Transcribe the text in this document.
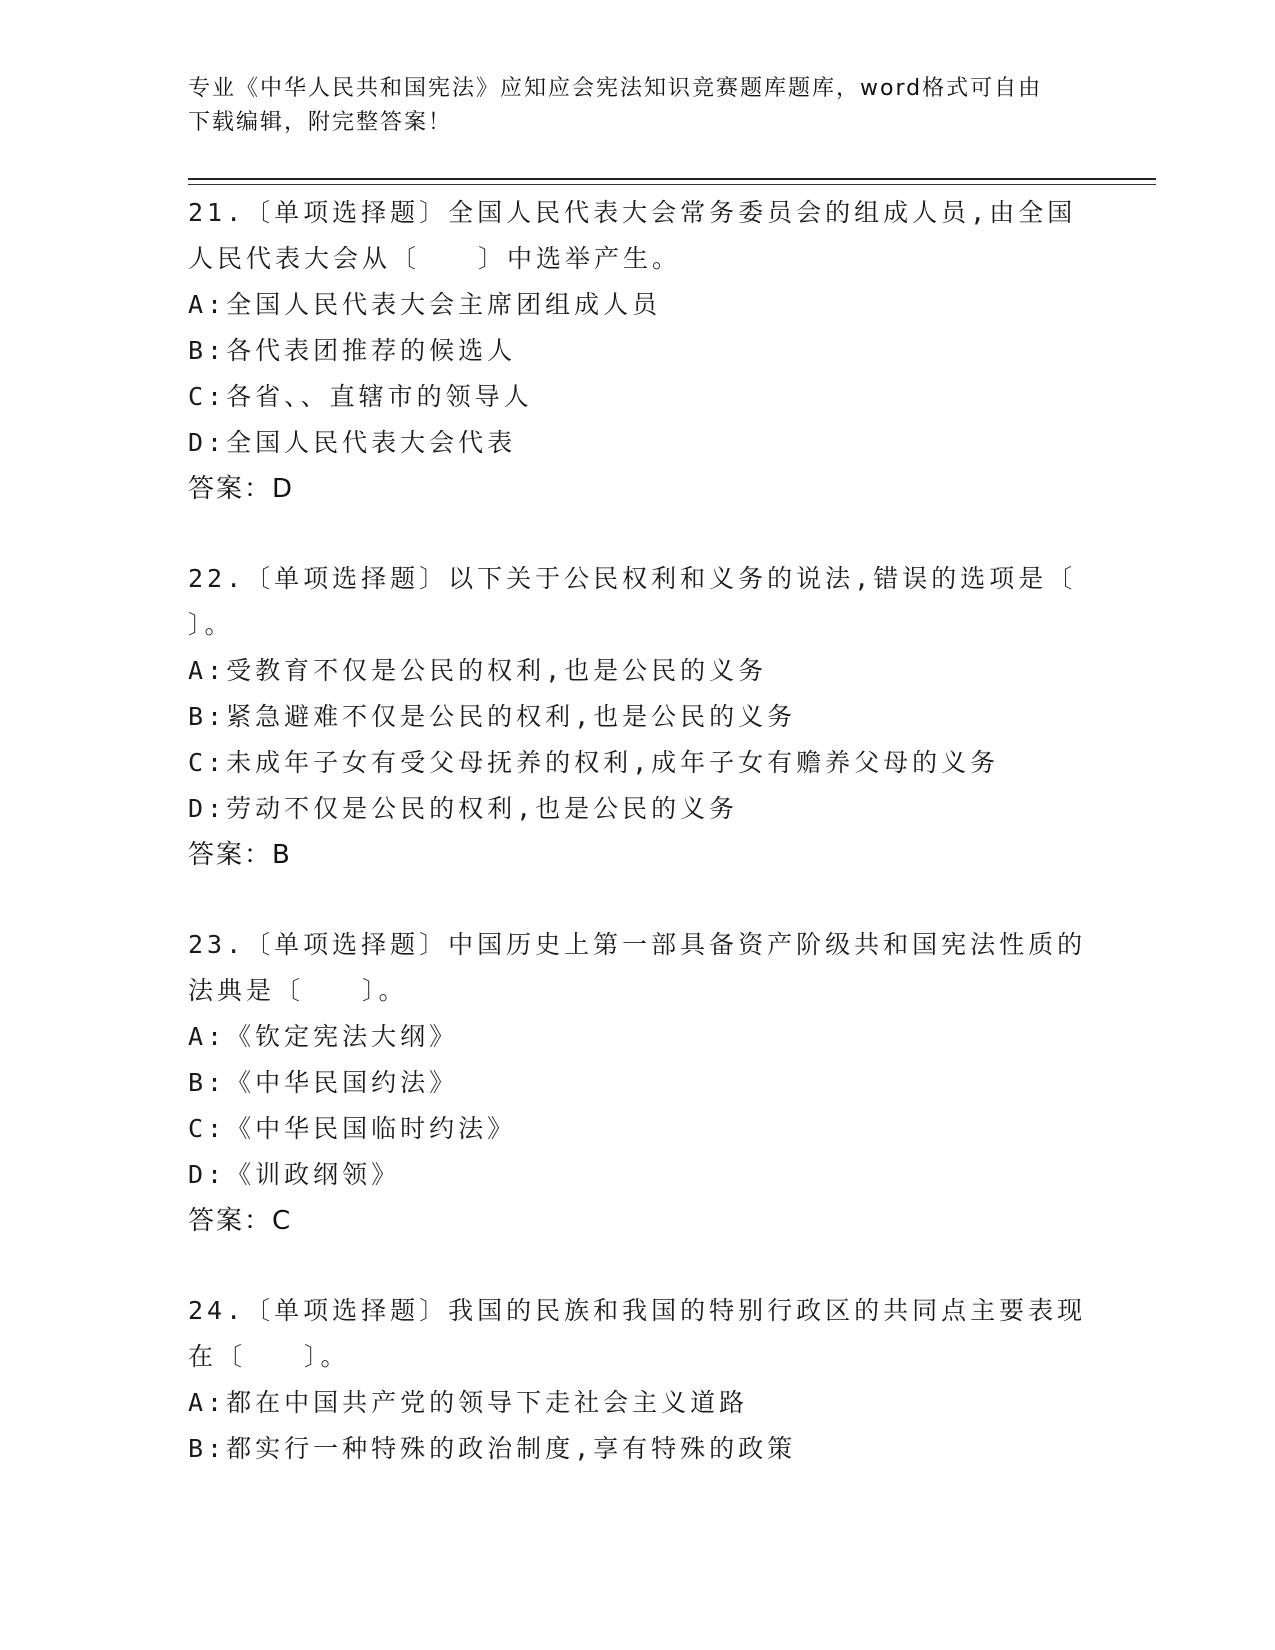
专业《中华人民共和国宪法》应知应会宪法知识竞赛题库题库，word格式可自由
下载编辑，附完整答案！
21.〔单项选择题〕全国人民代表大会常务委员会的组成人员,由全国
人民代表大会从〔　　〕中选举产生。
A:全国人民代表大会主席团组成人员
B:各代表团推荐的候选人
C:各省、、直辖市的领导人
D:全国人民代表大会代表
答案：D
22.〔单项选择题〕以下关于公民权利和义务的说法,错误的选项是〔
〕。
A:受教育不仅是公民的权利,也是公民的义务
B:紧急避难不仅是公民的权利,也是公民的义务
C:未成年子女有受父母抚养的权利,成年子女有赡养父母的义务
D:劳动不仅是公民的权利,也是公民的义务
答案：B
23.〔单项选择题〕中国历史上第一部具备资产阶级共和国宪法性质的
法典是〔　　〕。
A:《钦定宪法大纲》
B:《中华民国约法》
C:《中华民国临时约法》
D:《训政纲领》
答案：C
24.〔单项选择题〕我国的民族和我国的特别行政区的共同点主要表现
在〔　　〕。
A:都在中国共产党的领导下走社会主义道路
B:都实行一种特殊的政治制度,享有特殊的政策
